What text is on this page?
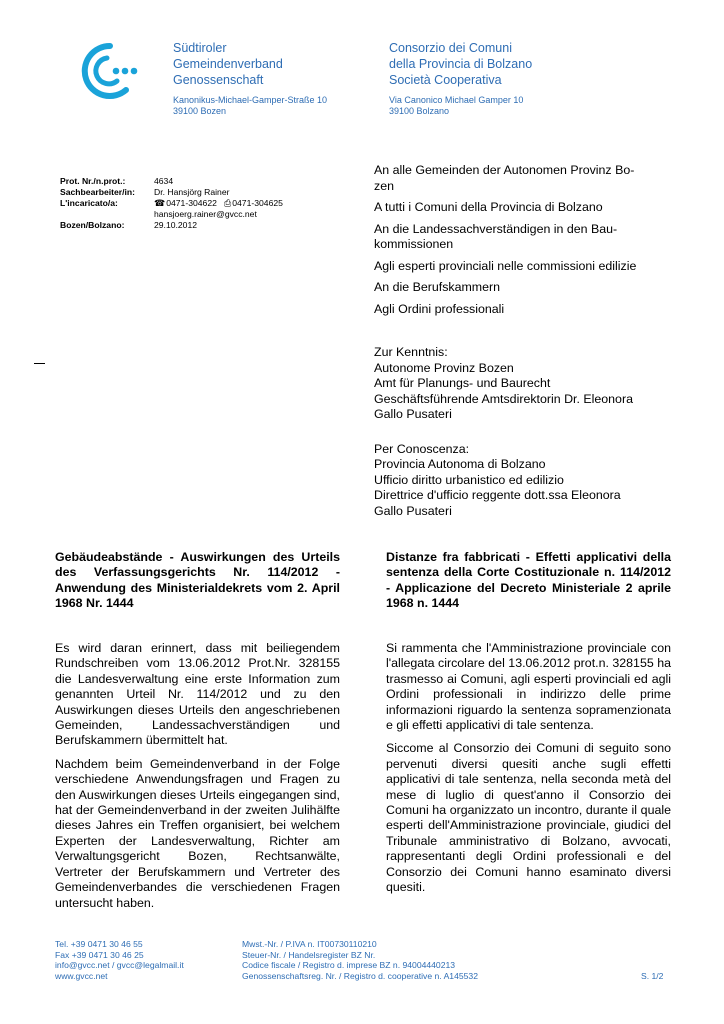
Südtiroler
Gemeindenverband
Genossenschaft
Kanonikus-Michael-Gamper-Straße 10
39100 Bozen
Consorzio dei Comuni
della Provincia di Bolzano
Società Cooperativa
Via Canonico Michael Gamper 10
39100 Bolzano
Prot. Nr./n.prot.:	4634
Sachbearbeiter/in:	Dr. Hansjörg Rainer
L'incaricato/a:	☎0471-304622 ⎙0471-304625
hansjoerg.rainer@gvcc.net
Bozen/Bolzano:	29.10.2012

An alle Gemeinden der Autonomen Provinz Bo-
zen

A tutti i Comuni della Provincia di Bolzano

An die Landessachverständigen in den Bau-
kommissionen

Agli esperti provinciali nelle commissioni edilizie

An die Berufskammern

Agli Ordini professionali

Zur Kenntnis:
Autonome Provinz Bozen
Amt für Planungs- und Baurecht
Geschäftsführende Amtsdirektorin Dr. Eleonora
Gallo Pusateri
Per Conoscenza:
Provincia Autonoma di Bolzano
Ufficio diritto urbanistico ed edilizio
Direttrice d'ufficio reggente dott.ssa Eleonora
Gallo Pusateri
Gebäudeabstände - Auswirkungen des Urteils des Verfassungsgerichts Nr. 114/2012 - Anwendung des Ministerialdekrets vom 2. April 1968 Nr. 1444
Distanze fra fabbricati - Effetti applicativi della sentenza della Corte Costituzionale n. 114/2012 - Applicazione del Decreto Ministeriale 2 aprile 1968 n. 1444

Es wird daran erinnert, dass mit beiliegendem Rundschreiben vom 13.06.2012 Prot.Nr. 328155 die Landesverwaltung eine erste Information zum genannten Urteil Nr. 114/2012 und zu den Auswirkungen dieses Urteils den angeschriebenen Gemeinden, Landessachverständigen und Berufskammern übermittelt hat.

Nachdem beim Gemeindenverband in der Folge verschiedene Anwendungsfragen und Fragen zu den Auswirkungen dieses Urteils eingegangen sind, hat der Gemeindenverband in der zweiten Julihälfte dieses Jahres ein Treffen organisiert, bei welchem Experten der Landesverwaltung, Richter am Verwaltungsgericht Bozen, Rechtsanwälte, Vertreter der Berufskammern und Vertreter des Gemeindenverbandes die verschiedenen Fragen untersucht haben.

Si rammenta che l'Amministrazione provinciale con l'allegata circolare del 13.06.2012 prot.n. 328155 ha trasmesso ai Comuni, agli esperti provinciali ed agli Ordini professionali in indirizzo delle prime informazioni riguardo la sentenza sopramenzionata e gli effetti applicativi di tale sentenza.

Siccome al Consorzio dei Comuni di seguito sono pervenuti diversi quesiti anche sugli effetti applicativi di tale sentenza, nella seconda metà del mese di luglio di quest'anno il Consorzio dei Comuni ha organizzato un incontro, durante il quale esperti dell'Amministrazione provinciale, giudici del Tribunale amministrativo di Bolzano, avvocati, rappresentanti degli Ordini professionali e del Consorzio dei Comuni hanno esaminato diversi quesiti.

Tel. +39 0471 30 46 55
Fax +39 0471 30 46 25
info@gvcc.net / gvcc@legalmail.it
www.gvcc.net
Mwst.-Nr. / P.IVA n. IT00730110210
Steuer-Nr. / Handelsregister BZ Nr.
Codice fiscale / Registro d. imprese BZ n. 94004440213
Genossenschaftsreg. Nr. / Registro d. cooperative n. A145532	S. 1/2
